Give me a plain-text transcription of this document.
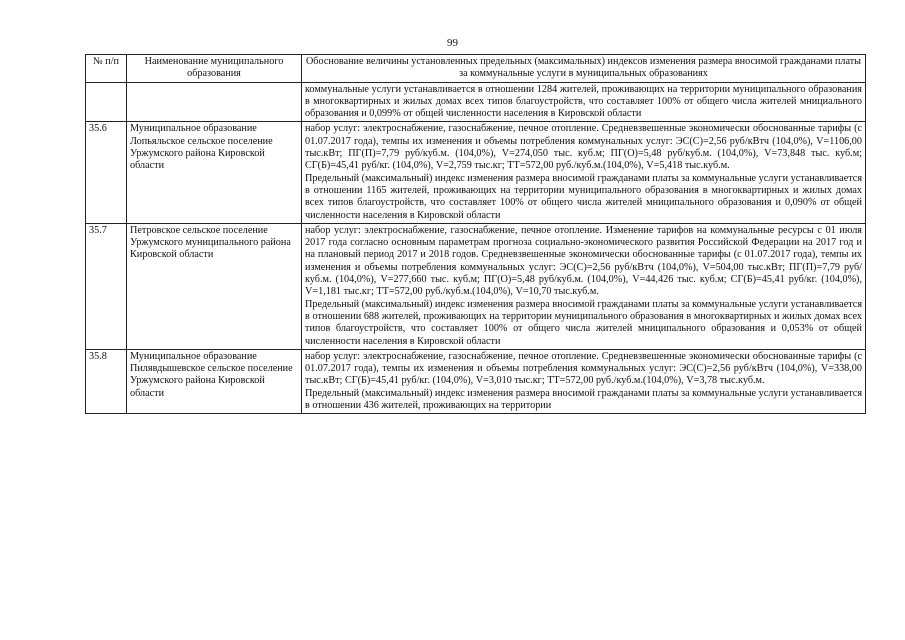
99
№ п/п	Наименование муниципального образования	Обоснование величины установленных предельных (максимальных) индексов изменения размера вносимой гражданами платы за коммунальные услуги в муниципальных образованиях

		коммунальные услуги устанавливается в отношении 1284 жителей, проживающих на территории муниципального образования в многоквартирных и жилых домах всех типов благоустройств, что составляет 100% от общего числа жителей мнициального образования и 0,099% от общей численности населения в Кировской области
35.6	Муниципальное образование Лопьяльское сельское поселение Уржумского района Кировской области	набор услуг: электроснабжение, газоснабжение, печное отопление. Средневзвешенные экономически обоснованные тарифы (с 01.07.2017 года), темпы их изменения и объемы потребления коммунальных услуг: ЭС(С)=2,56 руб/кВтч (104,0%), V=1106,00 тыс.кВт; ПГ(П)=7,79 руб/куб.м. (104,0%), V=274,050 тыс. куб.м; ПГ(О)=5,48 руб/куб.м. (104,0%), V=73,848 тыс. куб.м; СГ(Б)=45,41 руб/кг. (104,0%), V=2,759 тыс.кг; ТТ=572,00 руб./куб.м.(104,0%), V=5,418 тыс.куб.м.
Предельный (максимальный) индекс изменения размера вносимой гражданами платы за коммунальные услуги устанавливается в отношении 1165 жителей, проживающих на территории муниципального образования в многоквартирных и жилых домах всех типов благоустройств, что составляет 100% от общего числа жителей мниципального образования и 0,090% от общей численности населения в Кировской области

35.7	Петровское сельское поселение Уржумского муниципального района Кировской области	набор услуг: электроснабжение, газоснабжение, печное отопление. Изменение тарифов на коммунальные ресурсы с 01 июля 2017 года согласно основным параметрам прогноза социально-экономического развития Российской Федерации на 2017 год и на плановый период 2017 и 2018 годов. Средневзвешенные экономически обоснованные тарифы (с 01.07.2017 года), темпы их изменения и объемы потребления коммунальных услуг: ЭС(С)=2,56 руб/кВтч (104,0%), V=504,00 тыс.кВт; ПГ(П)=7,79 руб/куб.м. (104,0%), V=277,660 тыс. куб.м; ПГ(О)=5,48 руб/куб.м. (104,0%), V=44,426 тыс. куб.м; СГ(Б)=45,41 руб/кг. (104,0%), V=1,181 тыс.кг; ТТ=572,00 руб./куб.м.(104,0%), V=10,70 тыс.куб.м.
Предельный (максимальный) индекс изменения размера вносимой гражданами платы за коммунальные услуги устанавливается в отношении 688 жителей, проживающих на территории муниципального образования в многоквартирных и жилых домах всех типов благоустройств, что составляет 100% от общего числа жителей мниципального образования и 0,053% от общей численности населения в Кировской области

35.8	Муниципальное образование Пилявдышевское сельское поселение Уржумского района Кировской области	набор услуг: электроснабжение, газоснабжение, печное отопление. Средневзвешенные экономически обоснованные тарифы (с 01.07.2017 года), темпы их изменения и объемы потребления коммунальных услуг: ЭС(С)=2,56 руб/кВтч (104,0%), V=338,00 тыс.кВт; СГ(Б)=45,41 руб/кг. (104,0%), V=3,010 тыс.кг; ТТ=572,00 руб./куб.м.(104,0%), V=3,78 тыс.куб.м.
Предельный (максимальный) индекс изменения размера вносимой гражданами платы за коммунальные услуги устанавливается в отношении 436 жителей, проживающих на территории
